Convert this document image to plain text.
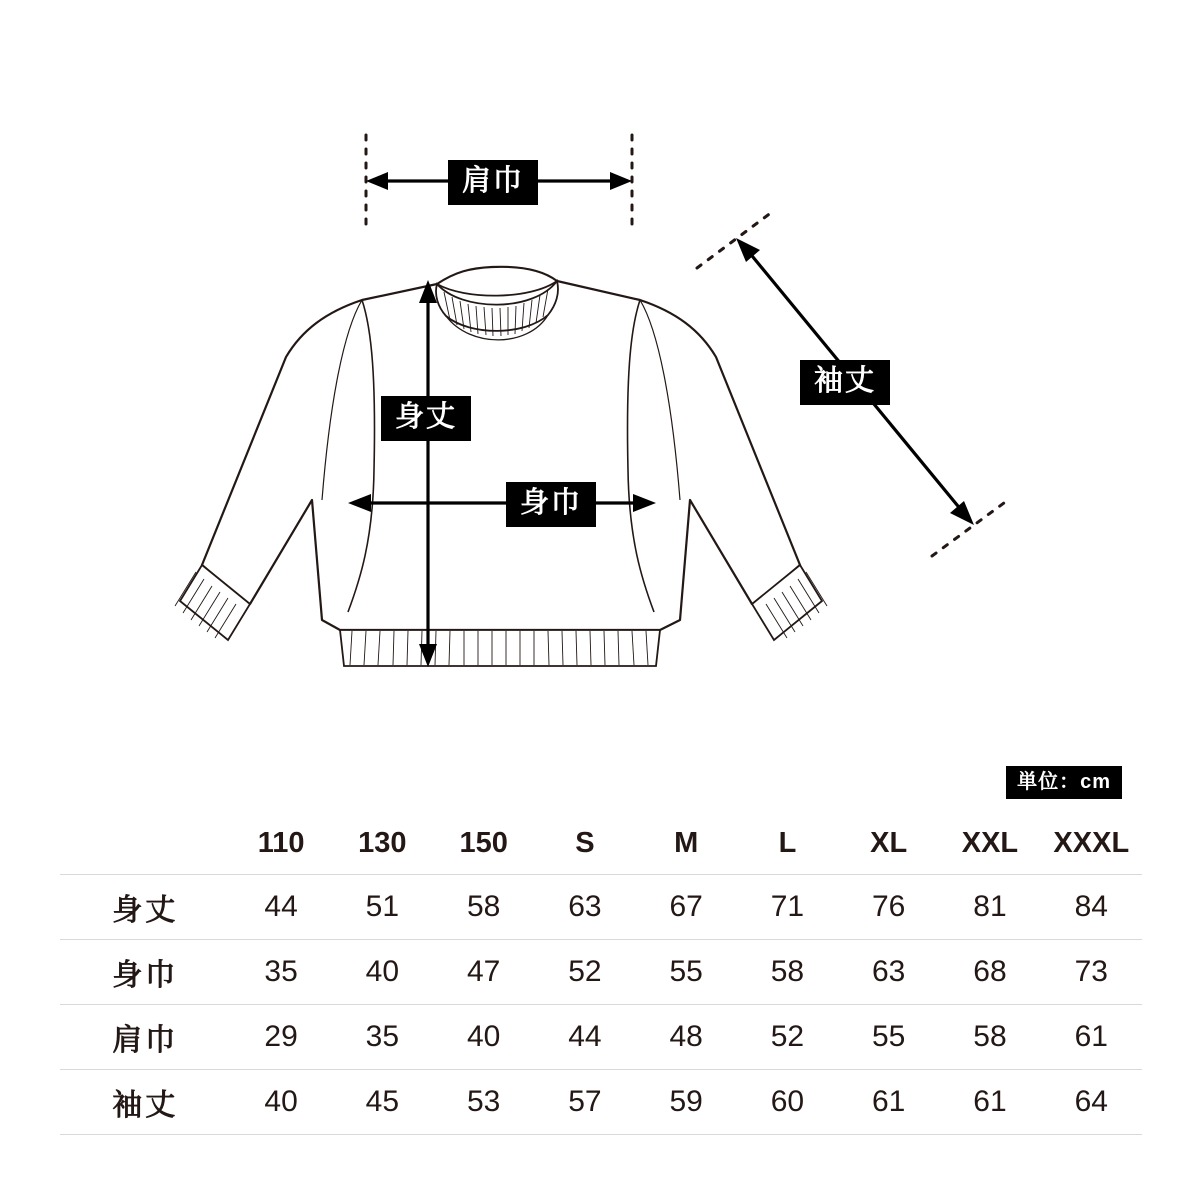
肩巾
身丈
身巾
袖丈
単位：cm
	110	130	150	S	M	L	XL	XXL	XXXL
身丈	44	51	58	63	67	71	76	81	84
身巾	35	40	47	52	55	58	63	68	73
肩巾	29	35	40	44	48	52	55	58	61
袖丈	40	45	53	57	59	60	61	61	64
